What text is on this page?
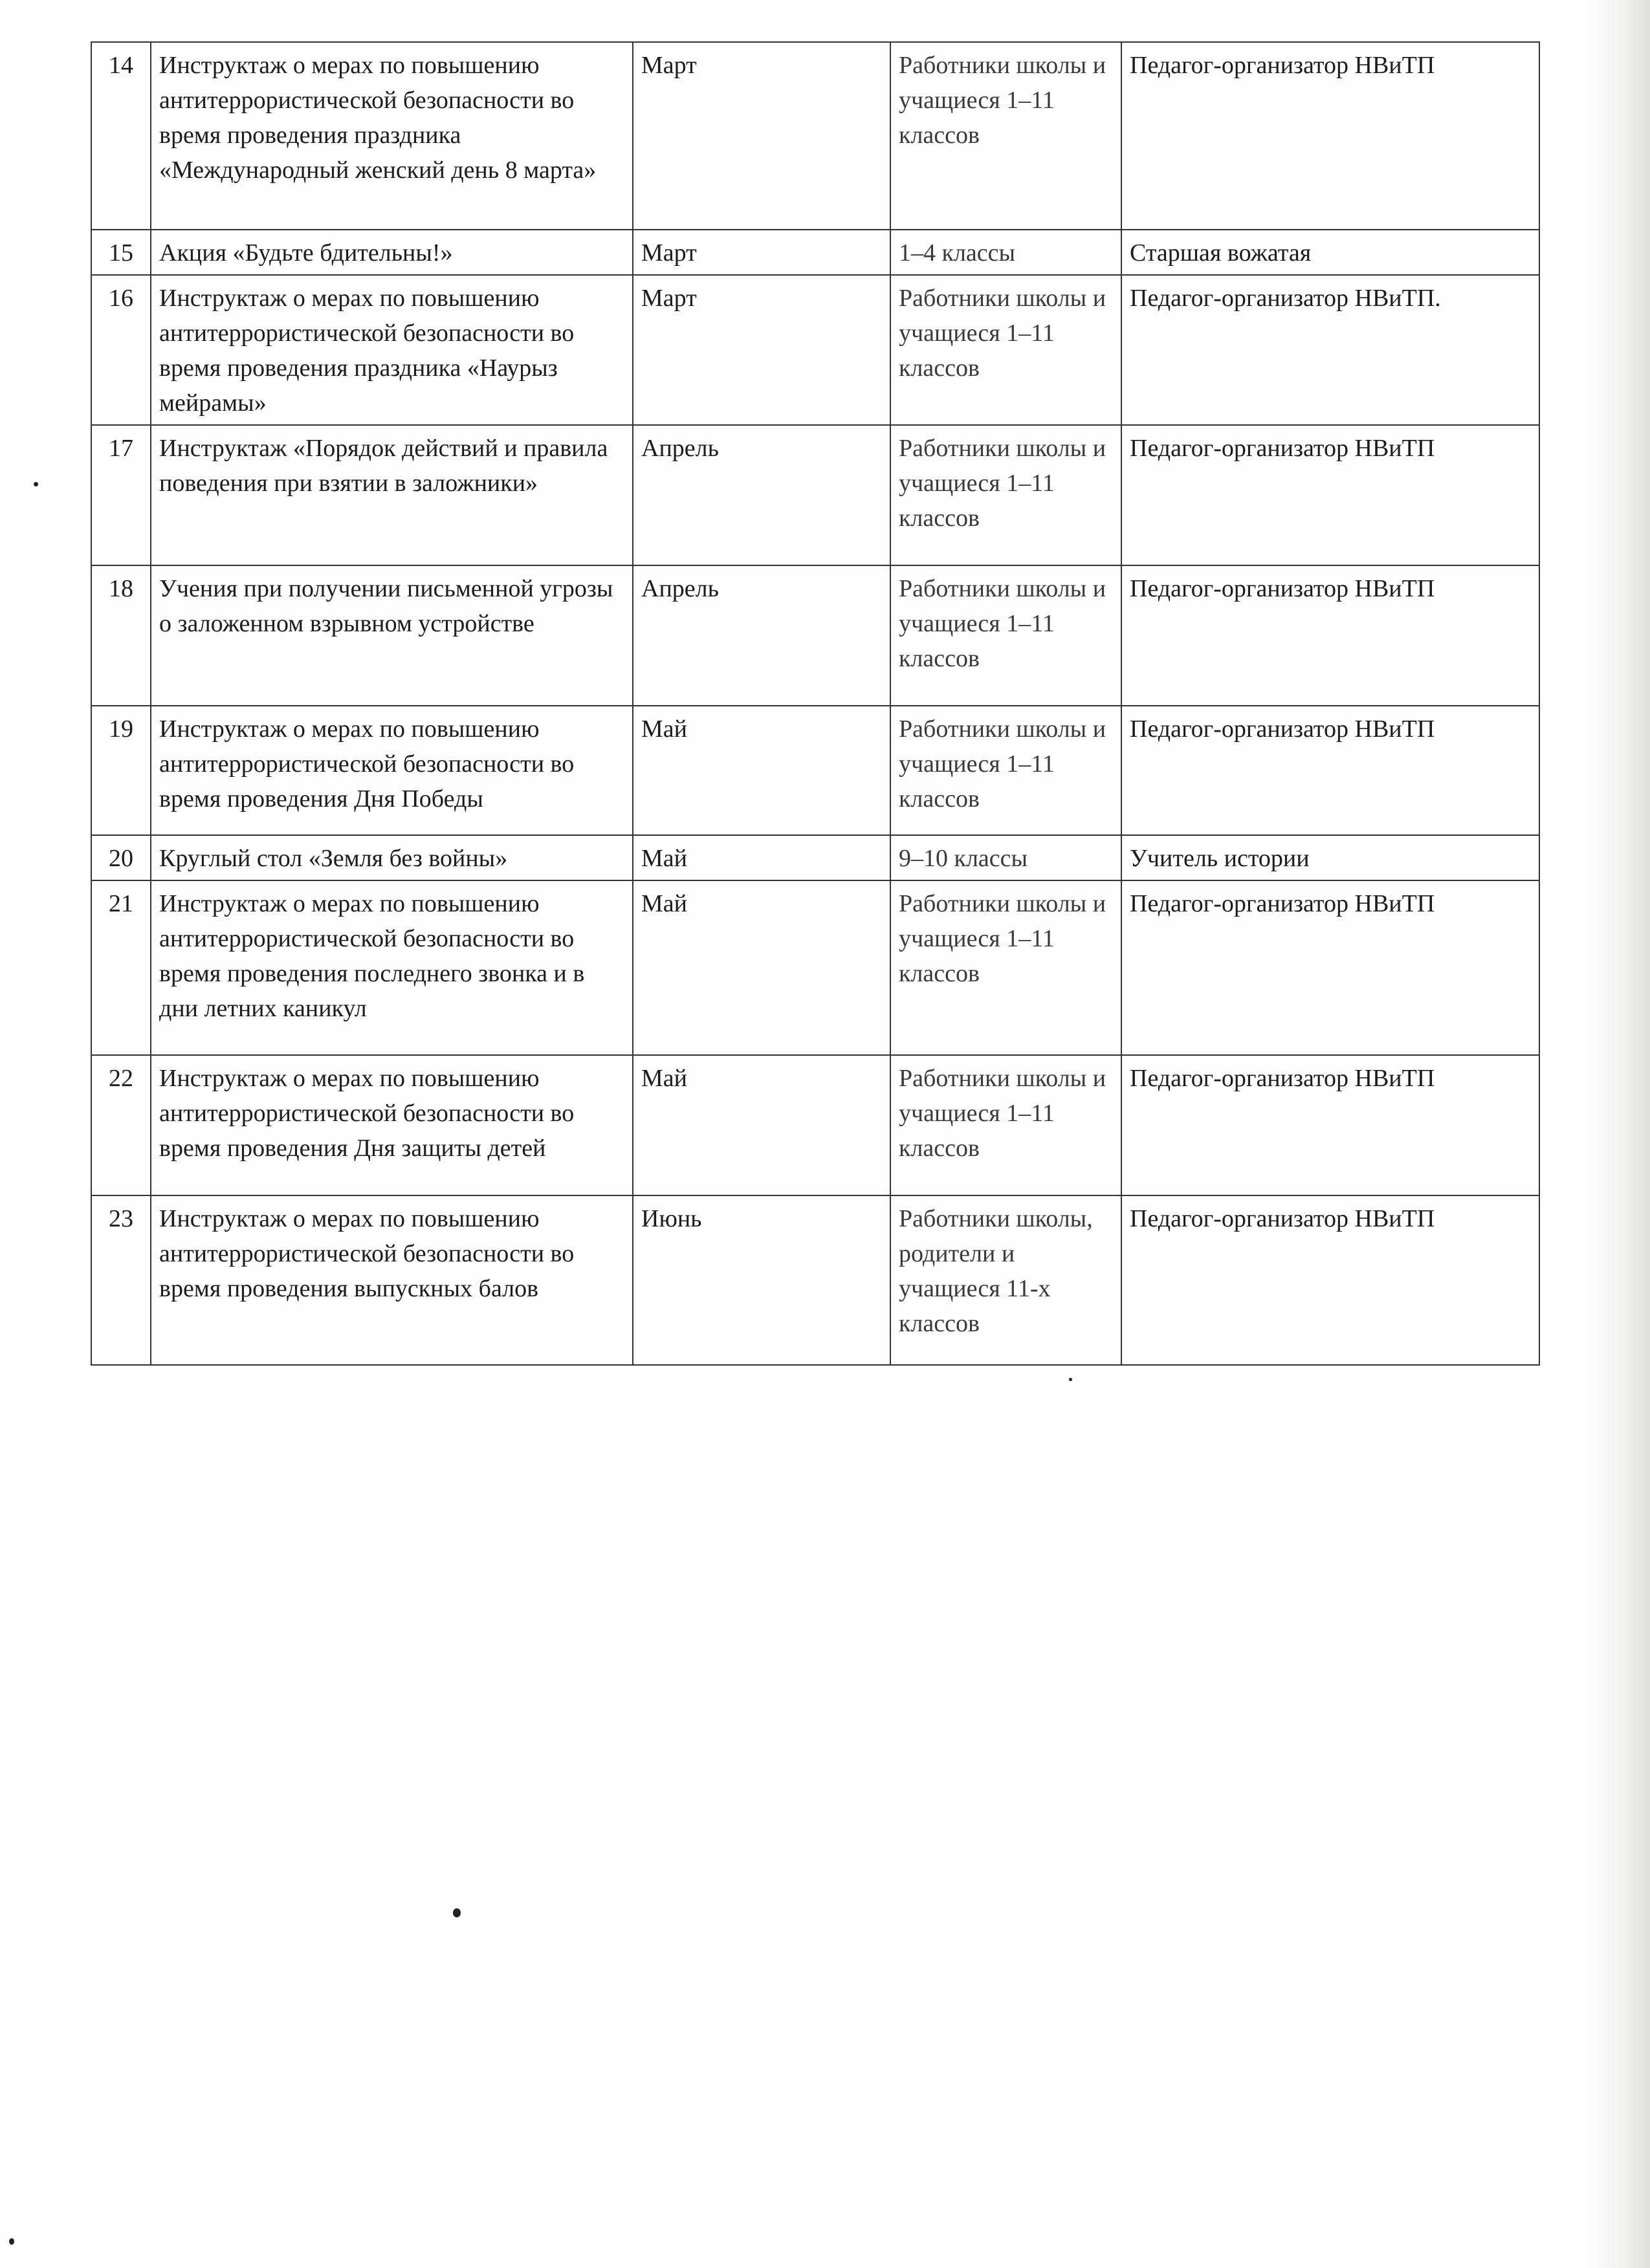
14	Инструктаж о мерах по повышению антитеррористической безопасности во время проведения праздника «Международный женский день 8 марта»	Март	Работники школы и учащиеся 1–11 классов	Педагог-организатор НВиТП
15	Акция «Будьте бдительны!»	Март	1–4 классы	Старшая вожатая
16	Инструктаж о мерах по повышению антитеррористической безопасности во время проведения праздника «Наурыз мейрамы»	Март	Работники школы и учащиеся 1–11 классов	Педагог-организатор НВиТП.
17	Инструктаж «Порядок действий и правила поведения при взятии в заложники»	Апрель	Работники школы и учащиеся 1–11 классов	Педагог-организатор НВиТП
18	Учения при получении письменной угрозы о заложенном взрывном устройстве	Апрель	Работники школы и учащиеся 1–11 классов	Педагог-организатор НВиТП
19	Инструктаж о мерах по повышению антитеррористической безопасности во время проведения Дня Победы	Май	Работники школы и учащиеся 1–11 классов	Педагог-организатор НВиТП
20	Круглый стол «Земля без войны»	Май	9–10 классы	Учитель истории
21	Инструктаж о мерах по повышению антитеррористической безопасности во время проведения последнего звонка и в дни летних каникул	Май	Работники школы и учащиеся 1–11 классов	Педагог-организатор НВиТП
22	Инструктаж о мерах по повышению антитеррористической безопасности во время проведения Дня защиты детей	Май	Работники школы и учащиеся 1–11 классов	Педагог-организатор НВиТП
23	Инструктаж о мерах по повышению антитеррористической безопасности во время проведения выпускных балов	Июнь	Работники школы, родители и учащиеся 11-х классов	Педагог-организатор НВиТП
